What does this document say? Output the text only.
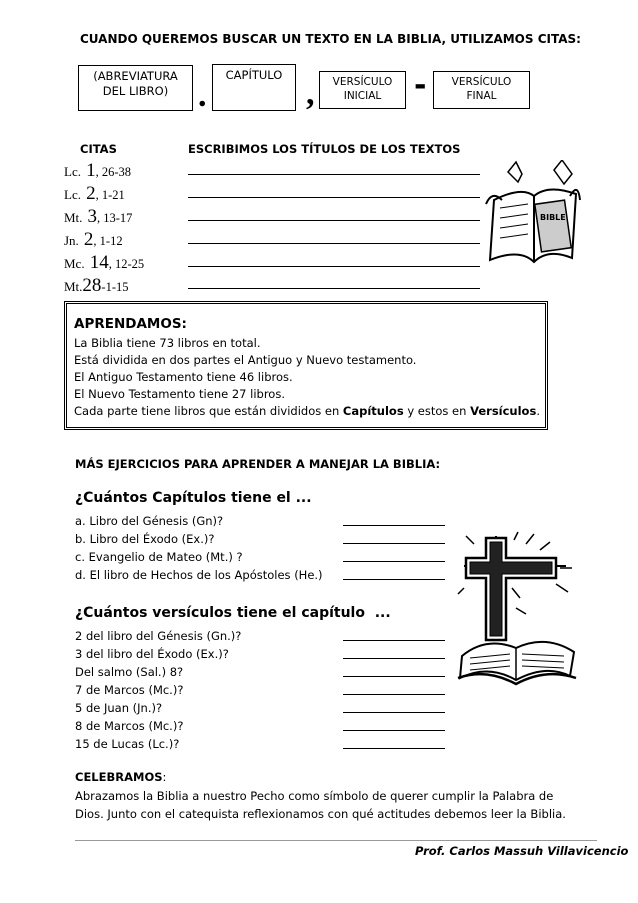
CUANDO QUEREMOS BUSCAR UN TEXTO EN LA BIBLIA, UTILIZAMOS CITAS:
(ABREVIATURA
DEL LIBRO) .
CAPÍTULO ,	VERSÍCULO
INICIAL	-	VERSÍCULO
FINAL
CITAS	ESCRIBIMOS LOS TÍTULOS DE LOS TEXTOS
Lc. 1, 26-38
Lc. 2, 1-21
Mt. 3, 13-17
Jn. 2, 1-12
Mc. 14, 12-25
Mt.28-1-15
BIBLE
APRENDAMOS:
La Biblia tiene 73 libros en total.
Está dividida en dos partes el Antiguo y Nuevo testamento.
El Antiguo Testamento tiene 46 libros.
El Nuevo Testamento tiene 27 libros.
Cada parte tiene libros que están divididos en Capítulos y estos en Versículos.
MÁS EJERCICIOS PARA APRENDER A MANEJAR LA BIBLIA:
¿Cuántos Capítulos tiene el ...
a. Libro del Génesis (Gn)?
b. Libro del Éxodo (Ex.)?
c. Evangelio de Mateo (Mt.) ?
d. El libro de Hechos de los Apóstoles (He.)
¿Cuántos versículos tiene el capítulo ...
2 del libro del Génesis (Gn.)?
3 del libro del Éxodo (Ex.)?
Del salmo (Sal.) 8?
7 de Marcos (Mc.)?
5 de Juan (Jn.)?
8 de Marcos (Mc.)?
15 de Lucas (Lc.)?
CELEBRAMOS:
Abrazamos la Biblia a nuestro Pecho como símbolo de querer cumplir la Palabra de
Dios. Junto con el catequista reflexionamos con qué actitudes debemos leer la Biblia.
Prof. Carlos Massuh Villavicencio
